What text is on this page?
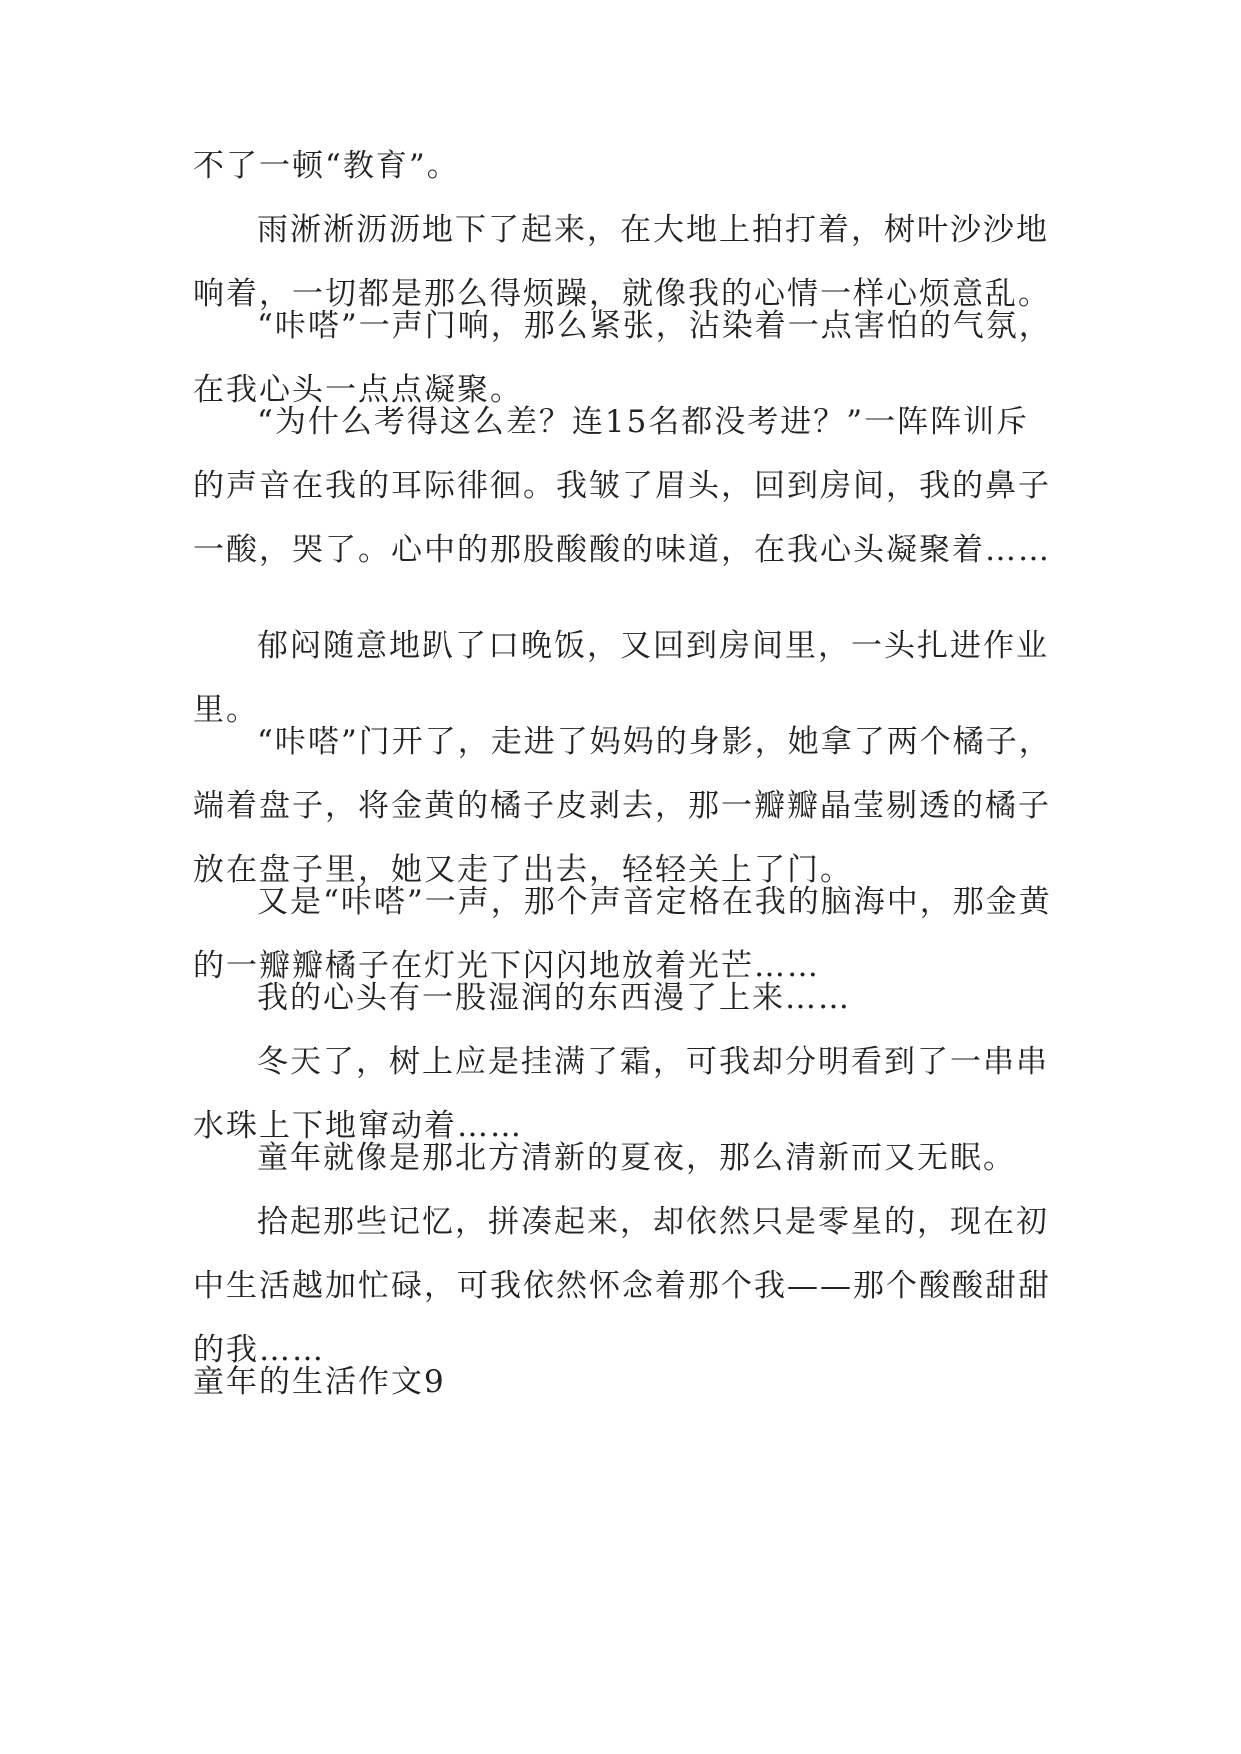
不了一顿“教育”。

雨淅淅沥沥地下了起来，在大地上拍打着，树叶沙沙地响着，一切都是那么得烦躁，就像我的心情一样心烦意乱。

“咔嗒”一声门响，那么紧张，沾染着一点害怕的气氛，在我心头一点点凝聚。

“为什么考得这么差？连15名都没考进？”一阵阵训斥的声音在我的耳际徘徊。我皱了眉头，回到房间，我的鼻子一酸，哭了。心中的那股酸酸的味道，在我心头凝聚着……

郁闷随意地趴了口晚饭，又回到房间里，一头扎进作业里。

“咔嗒”门开了，走进了妈妈的身影，她拿了两个橘子，端着盘子，将金黄的橘子皮剥去，那一瓣瓣晶莹剔透的橘子放在盘子里，她又走了出去，轻轻关上了门。

又是“咔嗒”一声，那个声音定格在我的脑海中，那金黄的一瓣瓣橘子在灯光下闪闪地放着光芒……

我的心头有一股湿润的东西漫了上来……

冬天了，树上应是挂满了霜，可我却分明看到了一串串水珠上下地窜动着……

童年就像是那北方清新的夏夜，那么清新而又无眠。

拾起那些记忆，拼凑起来，却依然只是零星的，现在初中生活越加忙碌，可我依然怀念着那个我——那个酸酸甜甜的我……

童年的生活作文9
